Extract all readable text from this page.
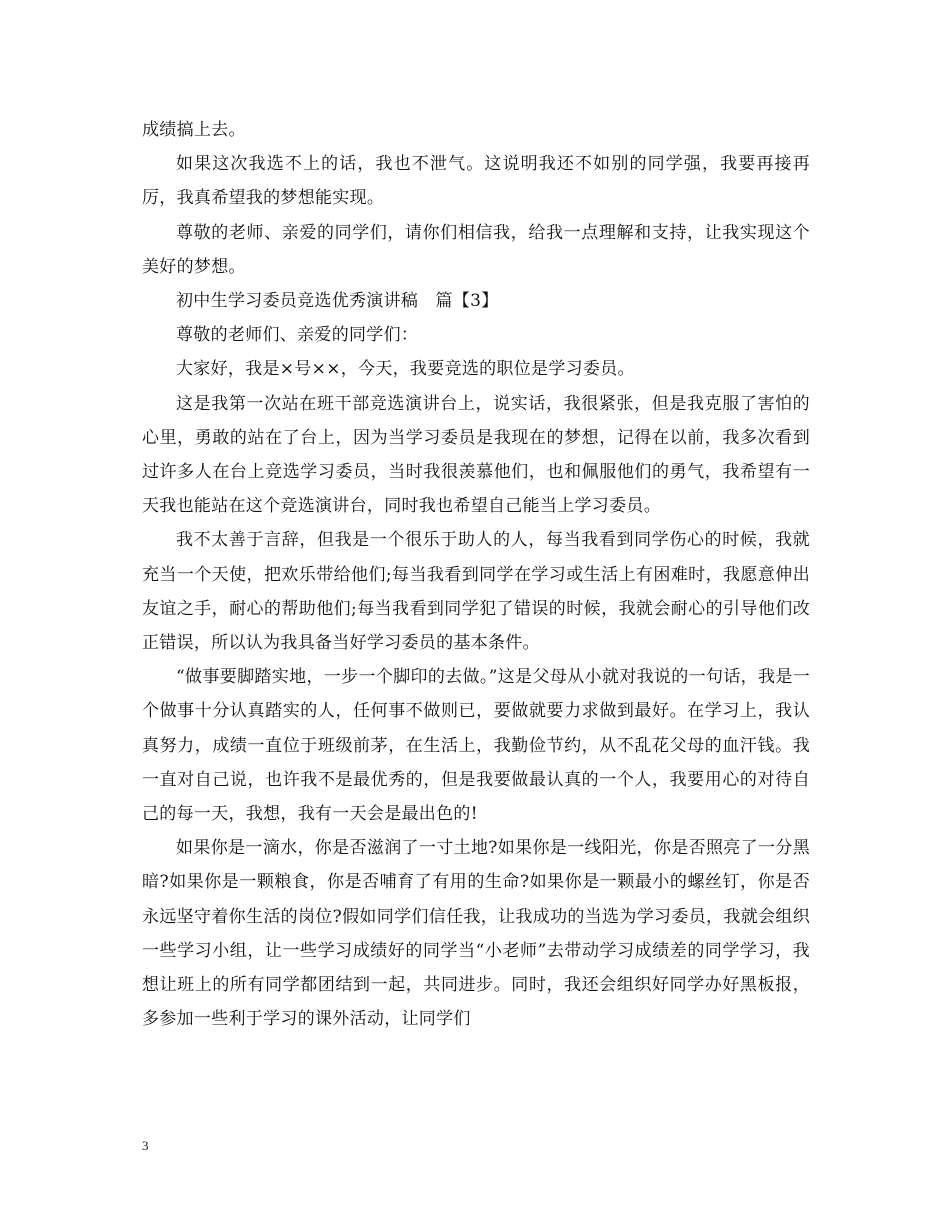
成绩搞上去。

如果这次我选不上的话，我也不泄气。这说明我还不如别的同学强，我要再接再厉，我真希望我的梦想能实现。

尊敬的老师、亲爱的同学们，请你们相信我，给我一点理解和支持，让我实现这个美好的梦想。

初中生学习委员竞选优秀演讲稿　篇【3】

尊敬的老师们、亲爱的同学们：

大家好，我是×号××，今天，我要竞选的职位是学习委员。

这是我第一次站在班干部竞选演讲台上，说实话，我很紧张，但是我克服了害怕的心里，勇敢的站在了台上，因为当学习委员是我现在的梦想，记得在以前，我多次看到过许多人在台上竞选学习委员，当时我很羡慕他们，也和佩服他们的勇气，我希望有一天我也能站在这个竞选演讲台，同时我也希望自己能当上学习委员。

我不太善于言辞，但我是一个很乐于助人的人，每当我看到同学伤心的时候，我就充当一个天使，把欢乐带给他们;每当我看到同学在学习或生活上有困难时，我愿意伸出友谊之手，耐心的帮助他们;每当我看到同学犯了错误的时候，我就会耐心的引导他们改正错误，所以认为我具备当好学习委员的基本条件。

“做事要脚踏实地，一步一个脚印的去做。”这是父母从小就对我说的一句话，我是一个做事十分认真踏实的人，任何事不做则已，要做就要力求做到最好。在学习上，我认真努力，成绩一直位于班级前茅，在生活上，我勤俭节约，从不乱花父母的血汗钱。我一直对自己说，也许我不是最优秀的，但是我要做最认真的一个人，我要用心的对待自己的每一天，我想，我有一天会是最出色的!

如果你是一滴水，你是否滋润了一寸土地?如果你是一线阳光，你是否照亮了一分黑暗?如果你是一颗粮食，你是否哺育了有用的生命?如果你是一颗最小的螺丝钉，你是否永远坚守着你生活的岗位?假如同学们信任我，让我成功的当选为学习委员，我就会组织一些学习小组，让一些学习成绩好的同学当“小老师”去带动学习成绩差的同学学习，我想让班上的所有同学都团结到一起，共同进步。同时，我还会组织好同学办好黑板报，多参加一些利于学习的课外活动，让同学们

3
